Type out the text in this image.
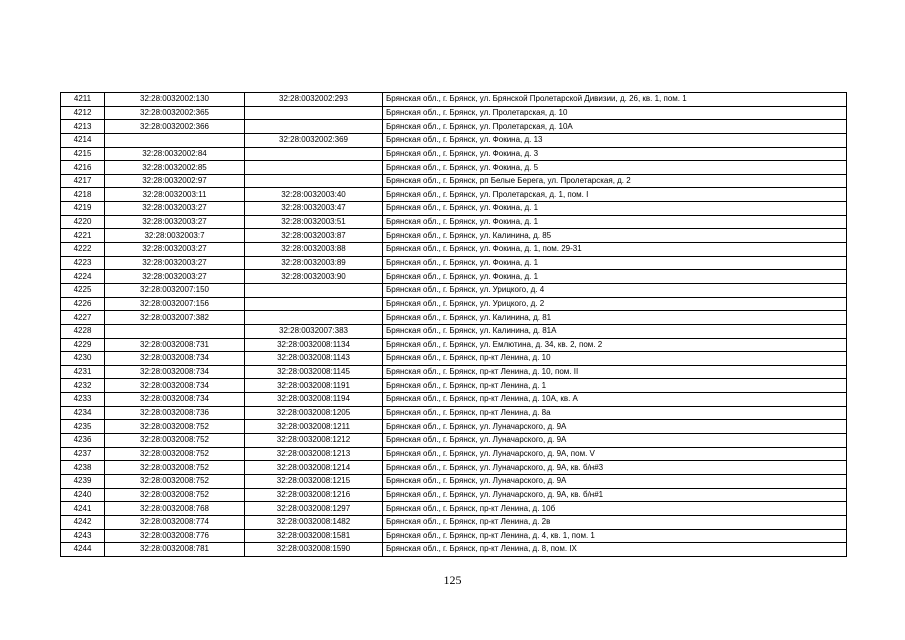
4211	32:28:0032002:130	32:28:0032002:293	Брянская обл., г. Брянск, ул. Брянской Пролетарской Дивизии, д. 26, кв. 1, пом. 1
4212	32:28:0032002:365		Брянская обл., г. Брянск, ул. Пролетарская, д. 10
4213	32:28:0032002:366		Брянская обл., г. Брянск, ул. Пролетарская, д. 10А
4214		32:28:0032002:369	Брянская обл., г. Брянск, ул. Фокина, д. 13
4215	32:28:0032002:84		Брянская обл., г. Брянск, ул. Фокина, д. 3
4216	32:28:0032002:85		Брянская обл., г. Брянск, ул. Фокина, д. 5
4217	32:28:0032002:97		Брянская обл., г. Брянск, рп Белые Берега, ул. Пролетарская, д. 2
4218	32:28:0032003:11	32:28:0032003:40	Брянская обл., г. Брянск, ул. Пролетарская, д. 1, пом. I
4219	32:28:0032003:27	32:28:0032003:47	Брянская обл., г. Брянск, ул. Фокина, д. 1
4220	32:28:0032003:27	32:28:0032003:51	Брянская обл., г. Брянск, ул. Фокина, д. 1
4221	32:28:0032003:7	32:28:0032003:87	Брянская обл., г. Брянск, ул. Калинина, д. 85
4222	32:28:0032003:27	32:28:0032003:88	Брянская обл., г. Брянск, ул. Фокина, д. 1, пом. 29-31
4223	32:28:0032003:27	32:28:0032003:89	Брянская обл., г. Брянск, ул. Фокина, д. 1
4224	32:28:0032003:27	32:28:0032003:90	Брянская обл., г. Брянск, ул. Фокина, д. 1
4225	32:28:0032007:150		Брянская обл., г. Брянск, ул. Урицкого, д. 4
4226	32:28:0032007:156		Брянская обл., г. Брянск, ул. Урицкого, д. 2
4227	32:28:0032007:382		Брянская обл., г. Брянск, ул. Калинина, д. 81
4228		32:28:0032007:383	Брянская обл., г. Брянск, ул. Калинина, д. 81А
4229	32:28:0032008:731	32:28:0032008:1134	Брянская обл., г. Брянск, ул. Емлютина, д. 34, кв. 2, пом. 2
4230	32:28:0032008:734	32:28:0032008:1143	Брянская обл., г. Брянск, пр-кт Ленина, д. 10
4231	32:28:0032008:734	32:28:0032008:1145	Брянская обл., г. Брянск, пр-кт Ленина, д. 10, пом. II
4232	32:28:0032008:734	32:28:0032008:1191	Брянская обл., г. Брянск, пр-кт Ленина, д. 1
4233	32:28:0032008:734	32:28:0032008:1194	Брянская обл., г. Брянск, пр-кт Ленина, д. 10А, кв. А
4234	32:28:0032008:736	32:28:0032008:1205	Брянская обл., г. Брянск, пр-кт Ленина, д. 8а
4235	32:28:0032008:752	32:28:0032008:1211	Брянская обл., г. Брянск, ул. Луначарского, д. 9А
4236	32:28:0032008:752	32:28:0032008:1212	Брянская обл., г. Брянск, ул. Луначарского, д. 9А
4237	32:28:0032008:752	32:28:0032008:1213	Брянская обл., г. Брянск, ул. Луначарского, д. 9А, пом. V
4238	32:28:0032008:752	32:28:0032008:1214	Брянская обл., г. Брянск, ул. Луначарского, д. 9А, кв. б/н#3
4239	32:28:0032008:752	32:28:0032008:1215	Брянская обл., г. Брянск, ул. Луначарского, д. 9А
4240	32:28:0032008:752	32:28:0032008:1216	Брянская обл., г. Брянск, ул. Луначарского, д. 9А, кв. б/н#1
4241	32:28:0032008:768	32:28:0032008:1297	Брянская обл., г. Брянск, пр-кт Ленина, д. 10б
4242	32:28:0032008:774	32:28:0032008:1482	Брянская обл., г. Брянск, пр-кт Ленина, д. 2в
4243	32:28:0032008:776	32:28:0032008:1581	Брянская обл., г. Брянск, пр-кт Ленина, д. 4, кв. 1, пом. 1
4244	32:28:0032008:781	32:28:0032008:1590	Брянская обл., г. Брянск, пр-кт Ленина, д. 8, пом. IX
125
